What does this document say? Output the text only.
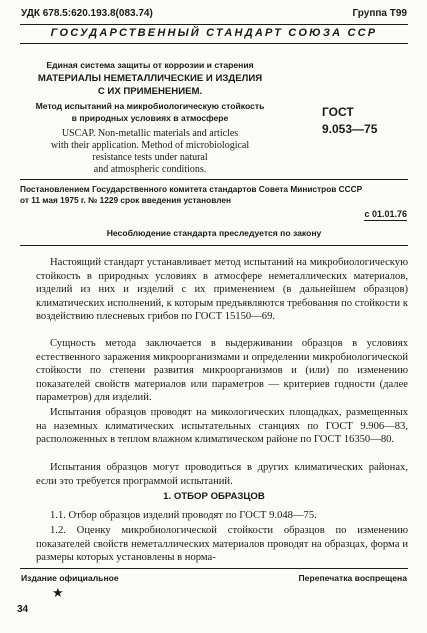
УДК 678.5:620.193.8(083.74)	Группа Т99
ГОСУДАРСТВЕННЫЙ СТАНДАРТ СОЮЗА ССР
Единая система защиты от коррозии и старения
МАТЕРИАЛЫ НЕМЕТАЛЛИЧЕСКИЕ И ИЗДЕЛИЯ
С ИХ ПРИМЕНЕНИЕМ.
Метод испытаний на микробиологическую стойкость
в природных условиях в атмосфере
USCAP. Non-metallic materials and articles
with their application. Method of microbiological
resistance tests under natural
and atmospheric conditions.
ГОСТ
9.053—75
Постановлением Государственного комитета стандартов Совета Министров СССР
от 11 мая 1975 г. № 1229 срок введения установлен
с 01.01.76
Несоблюдение стандарта преследуется по закону

Настоящий стандарт устанавливает метод испытаний на микробиологическую стойкость в природных условиях в атмосфере неметаллических материалов, изделий из них и изделий с их применением (в дальнейшем образцов) климатических исполнений, к которым предъявляются требования по стойкости к воздействию плесневых грибов по ГОСТ 15150—69.

Сущность метода заключается в выдерживании образцов в условиях естественного заражения микроорганизмами и определении микробиологической стойкости по степени развития микроорганизмов и (или) по изменению показателей свойств материалов или параметров — критериев годности (далее параметров) для изделий.

Испытания образцов проводят на микологических площадках, размещенных на наземных климатических испытательных станциях по ГОСТ 9.906—83, расположенных в теплом влажном климатическом районе по ГОСТ 16350—80.

Испытания образцов могут проводиться в других климатических районах, если это требуется программой испытаний.

1. ОТБОР ОБРАЗЦОВ

1.1. Отбор образцов изделий проводят по ГОСТ 9.048—75.

1.2. Оценку микробиологической стойкости образцов по изменению показателей свойств неметаллических материалов проводят на образцах, форма и размеры которых установлены в норма-

Издание официальное	Перепечатка воспрещена
★
34
